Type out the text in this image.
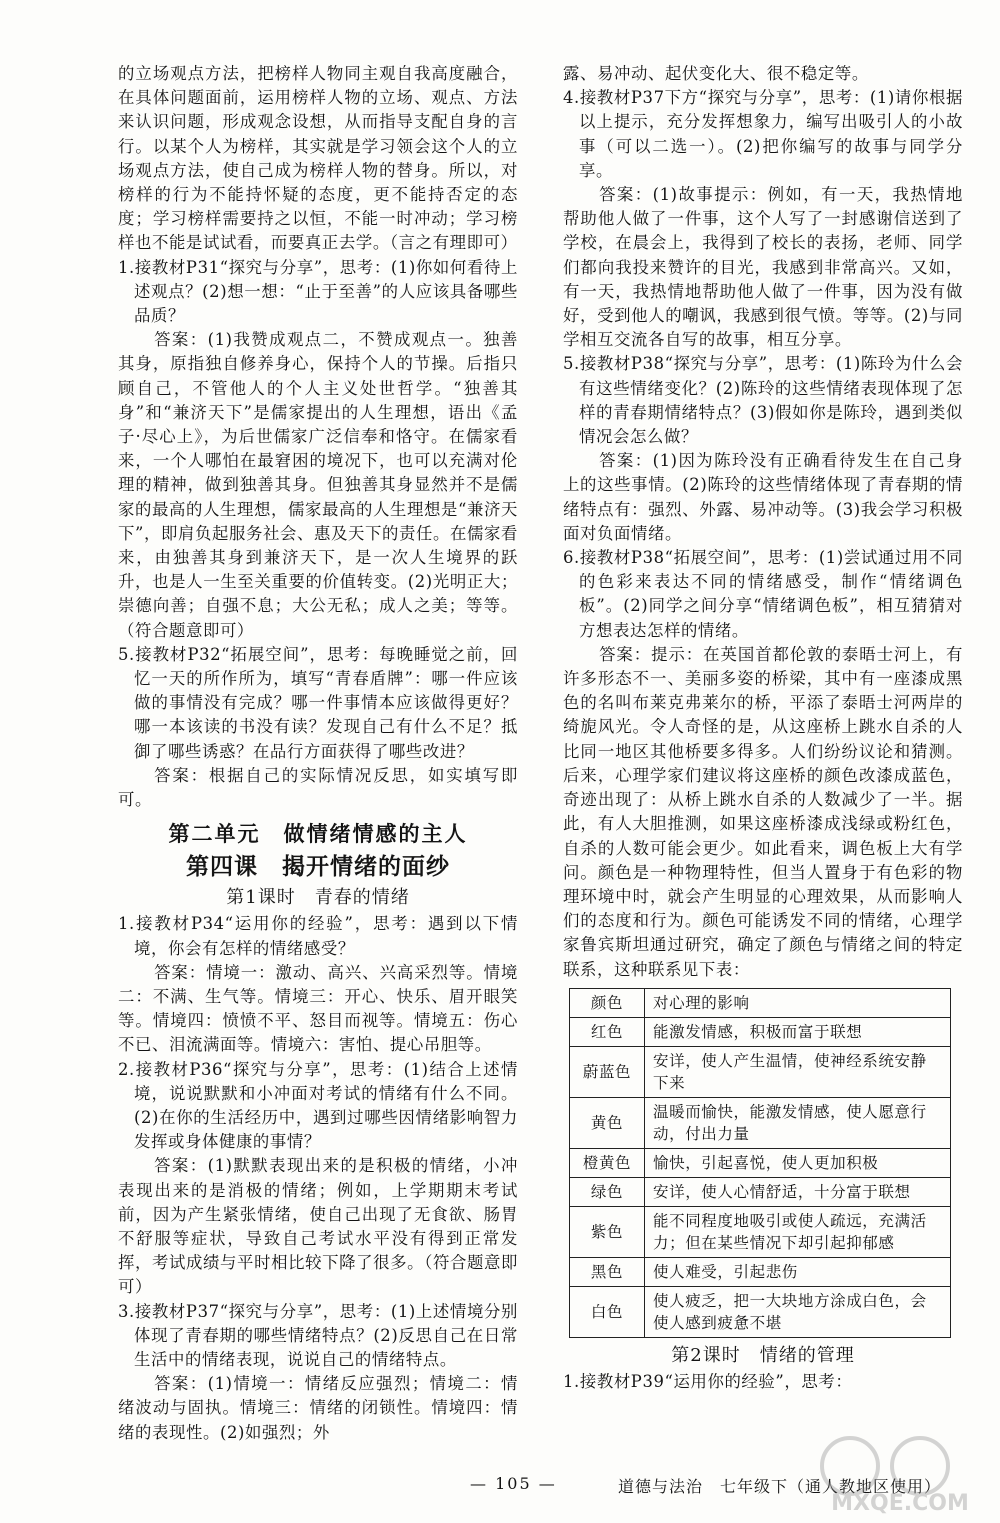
的立场观点方法，把榜样人物同主观自我高度融合，在具体问题面前，运用榜样人物的立场、观点、方法来认识问题，形成观念设想，从而指导支配自身的言行。以某个人为榜样，其实就是学习领会这个人的立场观点方法，使自己成为榜样人物的替身。所以，对榜样的行为不能持怀疑的态度，更不能持否定的态度；学习榜样需要持之以恒，不能一时冲动；学习榜样也不能是试试看，而要真正去学。（言之有理即可）

1.接教材P31“探究与分享”，思考：(1)你如何看待上述观点？(2)想一想：“止于至善”的人应该具备哪些品质？

答案：(1)我赞成观点二，不赞成观点一。独善其身，原指独自修养身心，保持个人的节操。后指只顾自己，不管他人的个人主义处世哲学。“独善其身”和“兼济天下”是儒家提出的人生理想，语出《孟子·尽心上》，为后世儒家广泛信奉和恪守。在儒家看来，一个人哪怕在最窘困的境况下，也可以充满对伦理的精神，做到独善其身。但独善其身显然并不是儒家的最高的人生理想，儒家最高的人生理想是“兼济天下”，即肩负起服务社会、惠及天下的责任。在儒家看来，由独善其身到兼济天下，是一次人生境界的跃升，也是人一生至关重要的价值转变。(2)光明正大；崇德向善；自强不息；大公无私；成人之美；等等。（符合题意即可）

5.接教材P32“拓展空间”，思考：每晚睡觉之前，回忆一天的所作所为，填写“青春盾牌”：哪一件应该做的事情没有完成？哪一件事情本应该做得更好？哪一本该读的书没有读？发现自己有什么不足？抵御了哪些诱惑？在品行方面获得了哪些改进？

答案：根据自己的实际情况反思，如实填写即可。

第二单元　做情绪情感的主人
第四课　揭开情绪的面纱
第1课时　青春的情绪

1.接教材P34“运用你的经验”，思考：遇到以下情境，你会有怎样的情绪感受？

答案：情境一：激动、高兴、兴高采烈等。情境二：不满、生气等。情境三：开心、快乐、眉开眼笑等。情境四：愤愤不平、怒目而视等。情境五：伤心不已、泪流满面等。情境六：害怕、提心吊胆等。

2.接教材P36“探究与分享”，思考：(1)结合上述情境，说说默默和小冲面对考试的情绪有什么不同。(2)在你的生活经历中，遇到过哪些因情绪影响智力发挥或身体健康的事情？

答案：(1)默默表现出来的是积极的情绪，小冲表现出来的是消极的情绪；例如，上学期期末考试前，因为产生紧张情绪，使自己出现了无食欲、肠胃不舒服等症状，导致自己考试水平没有得到正常发挥，考试成绩与平时相比较下降了很多。（符合题意即可）

3.接教材P37“探究与分享”，思考：(1)上述情境分别体现了青春期的哪些情绪特点？(2)反思自己在日常生活中的情绪表现，说说自己的情绪特点。

答案：(1)情境一：情绪反应强烈；情境二：情绪波动与固执。情境三：情绪的闭锁性。情境四：情绪的表现性。(2)如强烈；外

露、易冲动、起伏变化大、很不稳定等。

4.接教材P37下方“探究与分享”，思考：(1)请你根据以上提示，充分发挥想象力，编写出吸引人的小故事（可以二选一）。(2)把你编写的故事与同学分享。

答案：(1)故事提示：例如，有一天，我热情地帮助他人做了一件事，这个人写了一封感谢信送到了学校，在晨会上，我得到了校长的表扬，老师、同学们都向我投来赞许的目光，我感到非常高兴。又如，有一天，我热情地帮助他人做了一件事，因为没有做好，受到他人的嘲讽，我感到很气愤。等等。(2)与同学相互交流各自写的故事，相互分享。

5.接教材P38“探究与分享”，思考：(1)陈玲为什么会有这些情绪变化？(2)陈玲的这些情绪表现体现了怎样的青春期情绪特点？(3)假如你是陈玲，遇到类似情况会怎么做？

答案：(1)因为陈玲没有正确看待发生在自己身上的这些事情。(2)陈玲的这些情绪体现了青春期的情绪特点有：强烈、外露、易冲动等。(3)我会学习积极面对负面情绪。

6.接教材P38“拓展空间”，思考：(1)尝试通过用不同的色彩来表达不同的情绪感受，制作“情绪调色板”。(2)同学之间分享“情绪调色板”，相互猜猜对方想表达怎样的情绪。

答案：提示：在英国首都伦敦的泰晤士河上，有许多形态不一、美丽多姿的桥梁，其中有一座漆成黑色的名叫布莱克弗莱尔的桥，平添了泰晤士河两岸的绮旎风光。令人奇怪的是，从这座桥上跳水自杀的人比同一地区其他桥要多得多。人们纷纷议论和猜测。后来，心理学家们建议将这座桥的颜色改漆成蓝色，奇迹出现了：从桥上跳水自杀的人数减少了一半。据此，有人大胆推测，如果这座桥漆成浅绿或粉红色，自杀的人数可能会更少。如此看来，调色板上大有学问。颜色是一种物理特性，但当人置身于有色彩的物理环境中时，就会产生明显的心理效果，从而影响人们的态度和行为。颜色可能诱发不同的情绪，心理学家鲁宾斯坦通过研究，确定了颜色与情绪之间的特定联系，这种联系见下表：

颜色	对心理的影响
红色	能激发情感，积极而富于联想
蔚蓝色	安详，使人产生温情，使神经系统安静下来
黄色	温暖而愉快，能激发情感，使人愿意行动，付出力量
橙黄色	愉快，引起喜悦，使人更加积极
绿色	安详，使人心情舒适，十分富于联想
紫色	能不同程度地吸引或使人疏远，充满活力；但在某些情况下却引起抑郁感
黑色	使人难受，引起悲伤
白色	使人疲乏，把一大块地方涂成白色，会使人感到疲惫不堪
第2课时　情绪的管理

1.接教材P39“运用你的经验”，思考：

— 105 —	道德与法治　七年级下（通人教地区使用）
MXQE.COM
